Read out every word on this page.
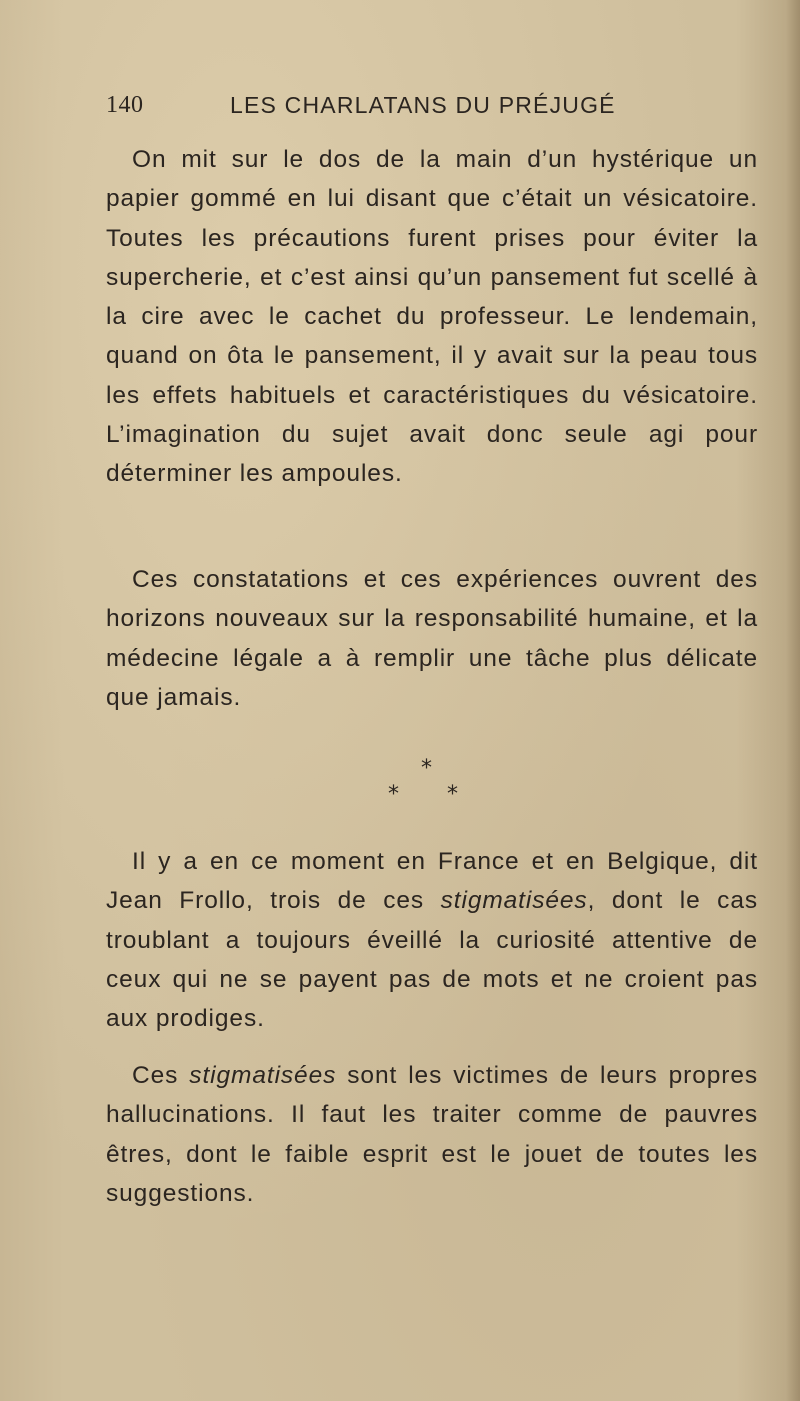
140	LES CHARLATANS DU PRÉJUGÉ

On mit sur le dos de la main d’un hystérique un papier gommé en lui disant que c’était un vésicatoire. Toutes les précautions furent prises pour éviter la supercherie, et c’est ainsi qu’un pansement fut scellé à la cire avec le cachet du professeur. Le lendemain, quand on ôta le pansement, il y avait sur la peau tous les effets habituels et caractéristiques du vésicatoire. L’imagination du sujet avait donc seule agi pour déterminer les ampoules.

Ces constatations et ces expériences ouvrent des horizons nouveaux sur la responsabilité humaine, et la médecine légale a à remplir une tâche plus délicate que jamais.

*
* *

Il y a en ce moment en France et en Belgique, dit Jean Frollo, trois de ces stigmatisées, dont le cas troublant a toujours éveillé la curiosité attentive de ceux qui ne se payent pas de mots et ne croient pas aux prodiges.

Ces stigmatisées sont les victimes de leurs propres hallucinations. Il faut les traiter comme de pauvres êtres, dont le faible esprit est le jouet de toutes les suggestions.
